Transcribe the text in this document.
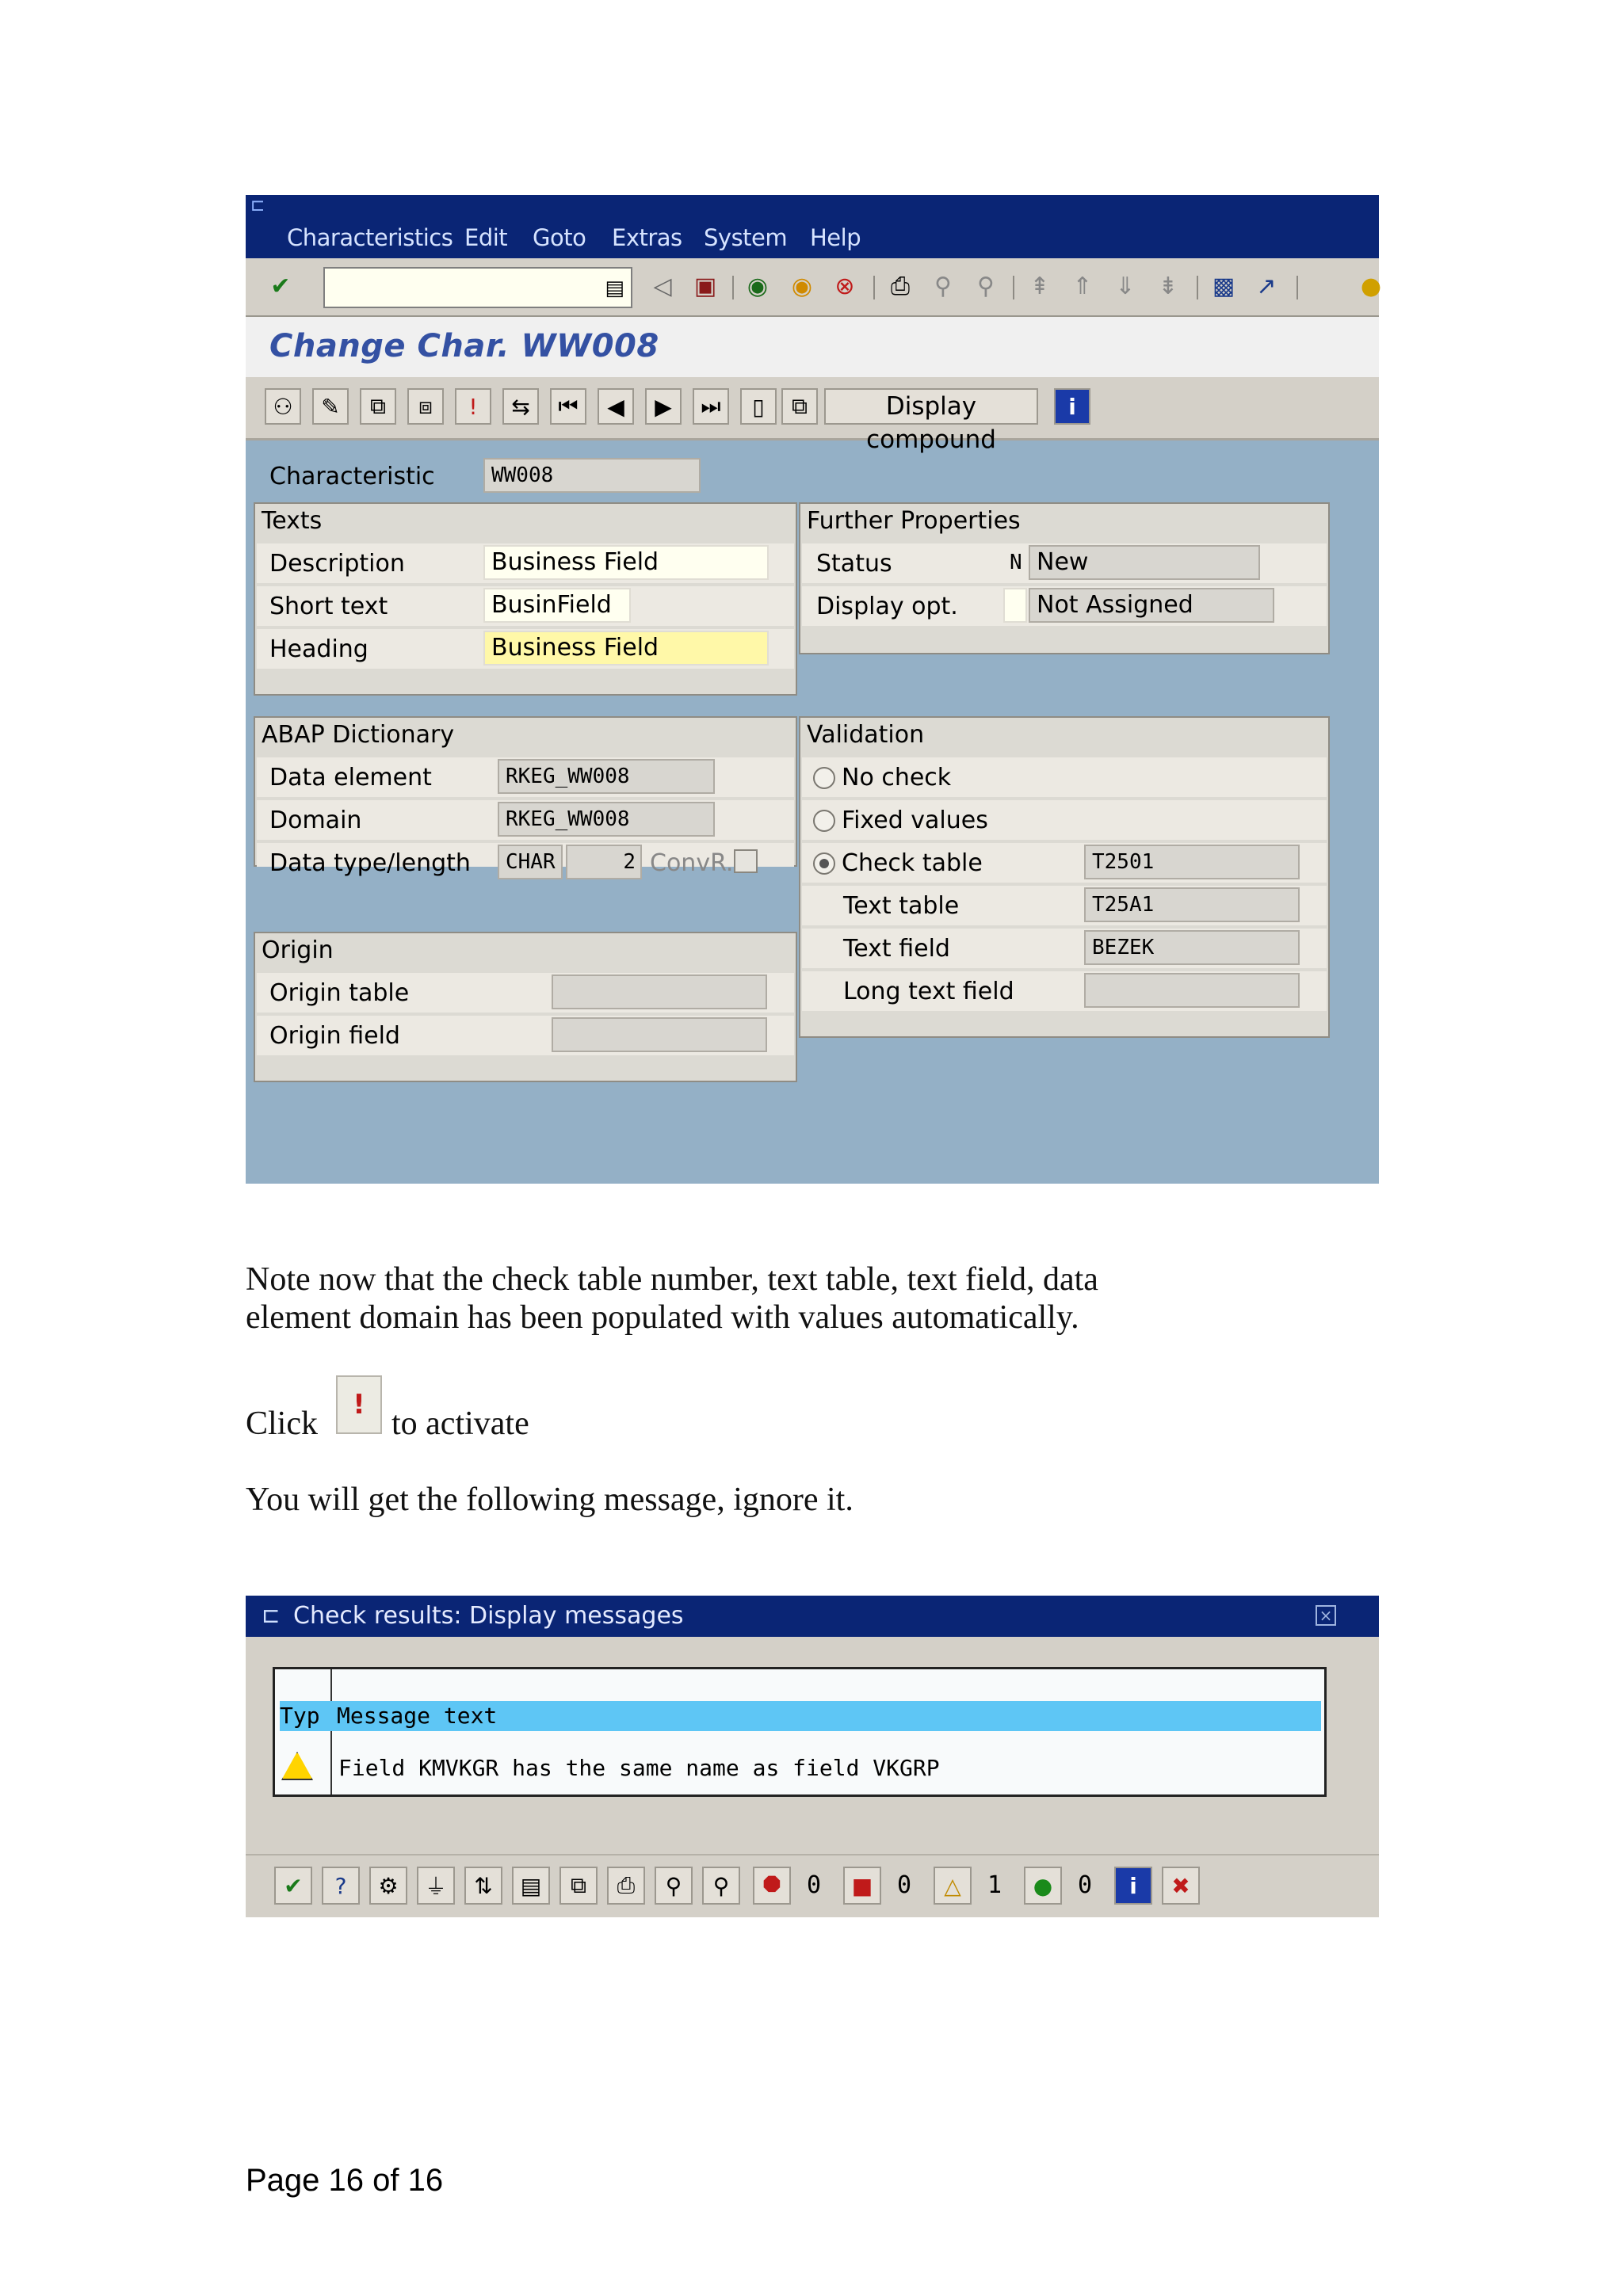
⊏
Characteristics Edit Goto Extras System Help
✔	▤ ◁ ▣ ◉ ◉ ⊗ ⎙	⚲	⚲	⇞ ⇑ ⇓ ⇟ ▩ ↗	●
Change Char. WW008
⚇	✎	⧉	⧈	ǃ	⇆	⏮	◀	▶	⏭	▯	⧉	Display compound
i
Characteristic	WW008
Texts
Description	Business Field
Short text	BusinField
Heading	Business Field
Further Properties
Status	N New
Display opt.	Not Assigned
ABAP Dictionary
Data element	RKEG_WW008
Domain	RKEG_WW008
Data type/length	CHAR	2 ConvR.
Origin
Origin table
Origin field
Validation
No check
Fixed values
Check table	T2501
Text table	T25A1
Text field	BEZEK
Long text field
Note now that the check table number, text table, text field, data
element domain has been populated with values automatically.
Click
ǃ
to activate
You will get the following message, ignore it.
⊏ Check results: Display messages	×
Typ Message text
Field KMVKGR has the same name as field VKGRP
✔	?	⚙	⏚	⇅	▤	⧉	⎙	⚲	⚲	⯃	0	■	0	△	1	●	0	i	✖
Page 16 of 16
